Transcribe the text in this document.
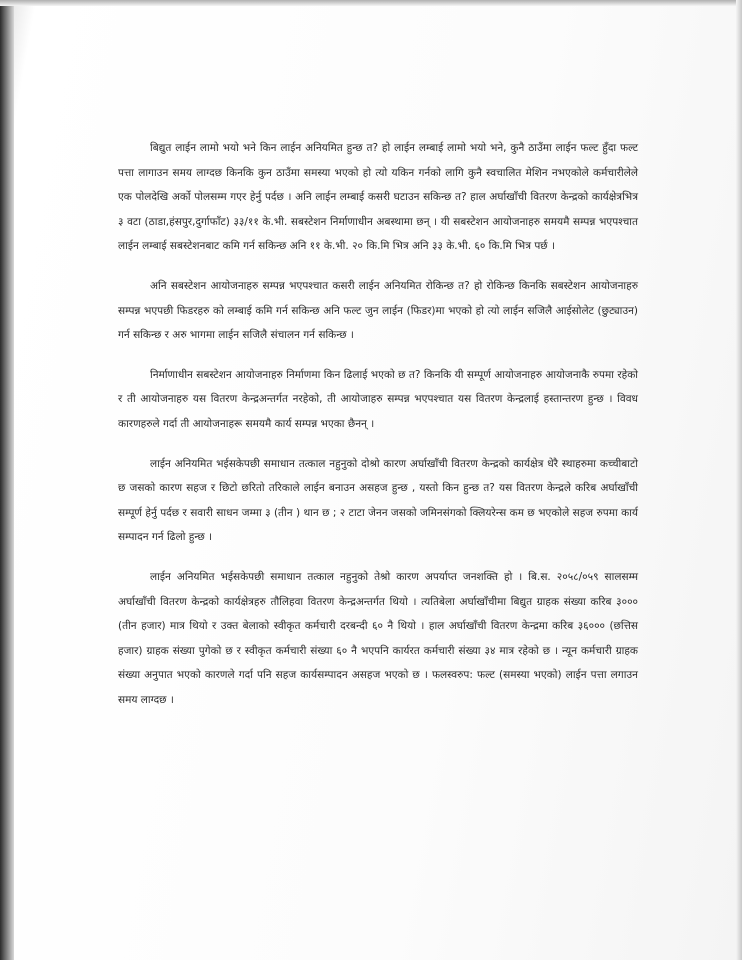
बिद्युत लाईन लामो भयो भने किन लाईन अनियमित हुन्छ त? हो लाईन लम्बाई लामो भयो भने, कुनै ठाउँमा लाईन फल्ट हुँदा फल्ट पत्ता लागाउन समय लाग्दछ किनकि कुन ठाउँमा समस्या भएको हो त्यो यकिन गर्नको लागि कुनै स्वचालित मेशिन नभएकोले कर्मचारीलेले एक पोलदेखि अर्को पोलसम्म गएर हेर्नु पर्दछ । अनि लाईन लम्बाई कसरी घटाउन सकिन्छ त? हाल अर्घाखाँची वितरण केन्द्रको कार्यक्षेत्रभित्र ३ वटा (ठाडा,हंसपुर,दुर्गाफाँट) ३३/११ के.भी. सबस्टेशन निर्माणाधीन अबस्थामा छन् । यी सबस्टेशन आयोजनाहरु समयमै सम्पन्न भएपश्चात लाईन लम्बाई सबस्टेशनबाट कमि गर्न सकिन्छ अनि ११ के.भी. २० कि.मि भित्र अनि ३३ के.भी. ६० कि.मि भित्र पर्छ ।

अनि सबस्टेशन आयोजनाहरु सम्पन्न भएपश्चात कसरी लाईन अनियमित रोकिन्छ त? हो रोकिन्छ किनकि सबस्टेशन आयोजनाहरु सम्पन्न भएपछी फिडरहरु को लम्बाई कमि गर्न सकिन्छ अनि फल्ट जुन लाईन (फिडर)मा भएको हो त्यो लाईन सजिलै आईसोलेट (छुट्याउन) गर्न सकिन्छ र अरु भागमा लाईन सजिलै संचालन गर्न सकिन्छ ।

निर्माणाधीन सबस्टेशन आयोजनाहरु निर्माणमा किन ढिलाई भएको छ त? किनकि यी सम्पूर्ण आयोजनाहरु आयोजनाकै रुपमा रहेको र ती आयोजनाहरु यस वितरण केन्द्रअन्तर्गत नरहेको, ती आयोजाहरु सम्पन्न भएपश्चात यस वितरण केन्द्रलाई हस्तान्तरण हुन्छ । विवध कारणहरुले गर्दा ती आयोजनाहरू समयमै कार्य सम्पन्न भएका छैनन् ।

लाईन अनियमित भईसकेपछी समाधान तत्काल नहुनुको दोश्रो कारण अर्घाखाँची वितरण केन्द्रको कार्यक्षेत्र धेरै स्थाहरुमा कच्चीबाटो छ जसको कारण सहज र छिटो छरितो तरिकाले लाईन बनाउन असहज हुन्छ , यस्तो किन हुन्छ त? यस वितरण केन्द्रले करिब अर्घाखाँची सम्पूर्ण हेर्नु पर्दछ र सवारी साधन जम्मा ३ (तीन ) थान छ ; २ टाटा जेनन जसको जमिनसंगको क्लियरेन्स कम छ भएकोले सहज रुपमा कार्य सम्पादन गर्न ढिलो हुन्छ ।

लाईन अनियमित भईसकेपछी समाधान तत्काल नहुनुको तेश्रो कारण अपर्याप्त जनशक्ति हो । बि.स. २०५८/०५९ सालसम्म अर्घाखाँची वितरण केन्द्रको कार्यक्षेत्रहरु तौलिहवा वितरण केन्द्रअन्तर्गत थियो । त्यतिबेला अर्घाखाँचीमा बिद्युत ग्राहक संख्या करिब ३००० (तीन हजार) मात्र थियो र उक्त बेलाको स्वीकृत कर्मचारी दरबन्दी ६० नै थियो । हाल अर्घाखाँची वितरण केन्द्रमा करिब ३६००० (छत्तिस हजार) ग्राहक संख्या पुगेको छ र स्वीकृत कर्मचारी संख्या ६० नै भएपनि कार्यरत कर्मचारी संख्या ३४ मात्र रहेको छ । न्यून कर्मचारी ग्राहक संख्या अनुपात भएको कारणले गर्दा पनि सहज कार्यसम्पादन असहज भएको छ । फलस्वरुप: फल्ट (समस्या भएको) लाईन पत्ता लगाउन समय लाग्दछ ।
